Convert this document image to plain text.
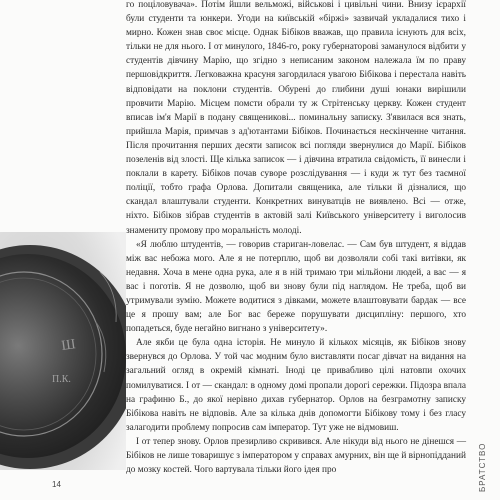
Ш
П.К.

го поціловувача». Потім йшли вельможі, військові і цивільні чини. Внизу ієрархії були студенти та юнкери. Угоди на київській «біржі» зазвичай укладалися тихо і мирно. Кожен знав своє місце. Однак Бібіков вважав, що правила існують для всіх, тільки не для нього. І от минулого, 1846-го, року губернаторові заманулося відбити у студентів дівчину Марію, що згідно з неписаним законом належала їм по праву першовідкриття. Легковажна красуня загордилася увагою Бібікова і перестала навіть відповідати на поклони студентів. Обурені до глибини душі юнаки вирішили провчити Марію. Місцем помсти обрали ту ж Стрітенську церкву. Кожен студент вписав ім'я Марії в подану священикові... поминальну записку. З'явилася вся знать, прийшла Марія, примчав з ад'ютантами Бібіков. Починається нескінченне читання. Після прочитання перших десяти записок всі погляди звернулися до Марії. Бібіков позеленів від злості. Ще кілька записок — і дівчина втратила свідомість, її винесли і поклали в карету. Бібіков почав суворе розслідування — і куди ж тут без таємної поліції, тобто графа Орлова. Допитали священика, але тільки й дізналися, що скандал влаштували студенти. Конкретних винуватців не виявлено. Всі — отже, ніхто. Бібіков зібрав студентів в актовій залі Київського університету і виголосив знамениту промову про моральність молоді.

«Я люблю штудентів, — говорив стариган-ловелас. — Сам був штудент, я віддав між вас небожа мого. Але я не потерплю, щоб ви дозволяли собі такі витівки, як недавня. Хоча в мене одна рука, але я в ній тримаю три мільйони людей, а вас — я вас і поготів. Я не дозволю, щоб ви знову були під наглядом. Не треба, щоб ви утримували зумію. Можете водитися з дівками, можете влаштовувати бардак — все це я прошу вам; але Бог вас береже порушувати дисципліну: першого, хто попадеться, буде негайно вигнано з університету».

Але якби це була одна історія. Не минуло й кількох місяців, як Бібіков знову звернувся до Орлова. У той час модним було виставляти посаг дівчат на видання на загальний огляд в окремій кімнаті. Іноді це привабливо цілі натовпи охочих помилуватися. І от — скандал: в одному домі пропали дорогі сережки. Підозра впала на графиню Б., до якої нерівно дихав губернатор. Орлов на безграмотну записку Бібікова навіть не відповів. Але за кілька днів допомогти Бібікову тому і без гласу залагодити проблему попросив сам імператор. Тут уже не відмовиш.

І от тепер знову. Орлов презирливо скривився. Але нікуди від нього не дінешся — Бібіков не лише товаришує з імператором у справах амурних, він ще й вірнопідданий до мозку костей. Чого вартувала тільки його ідея про

14	БРАТСТВО
